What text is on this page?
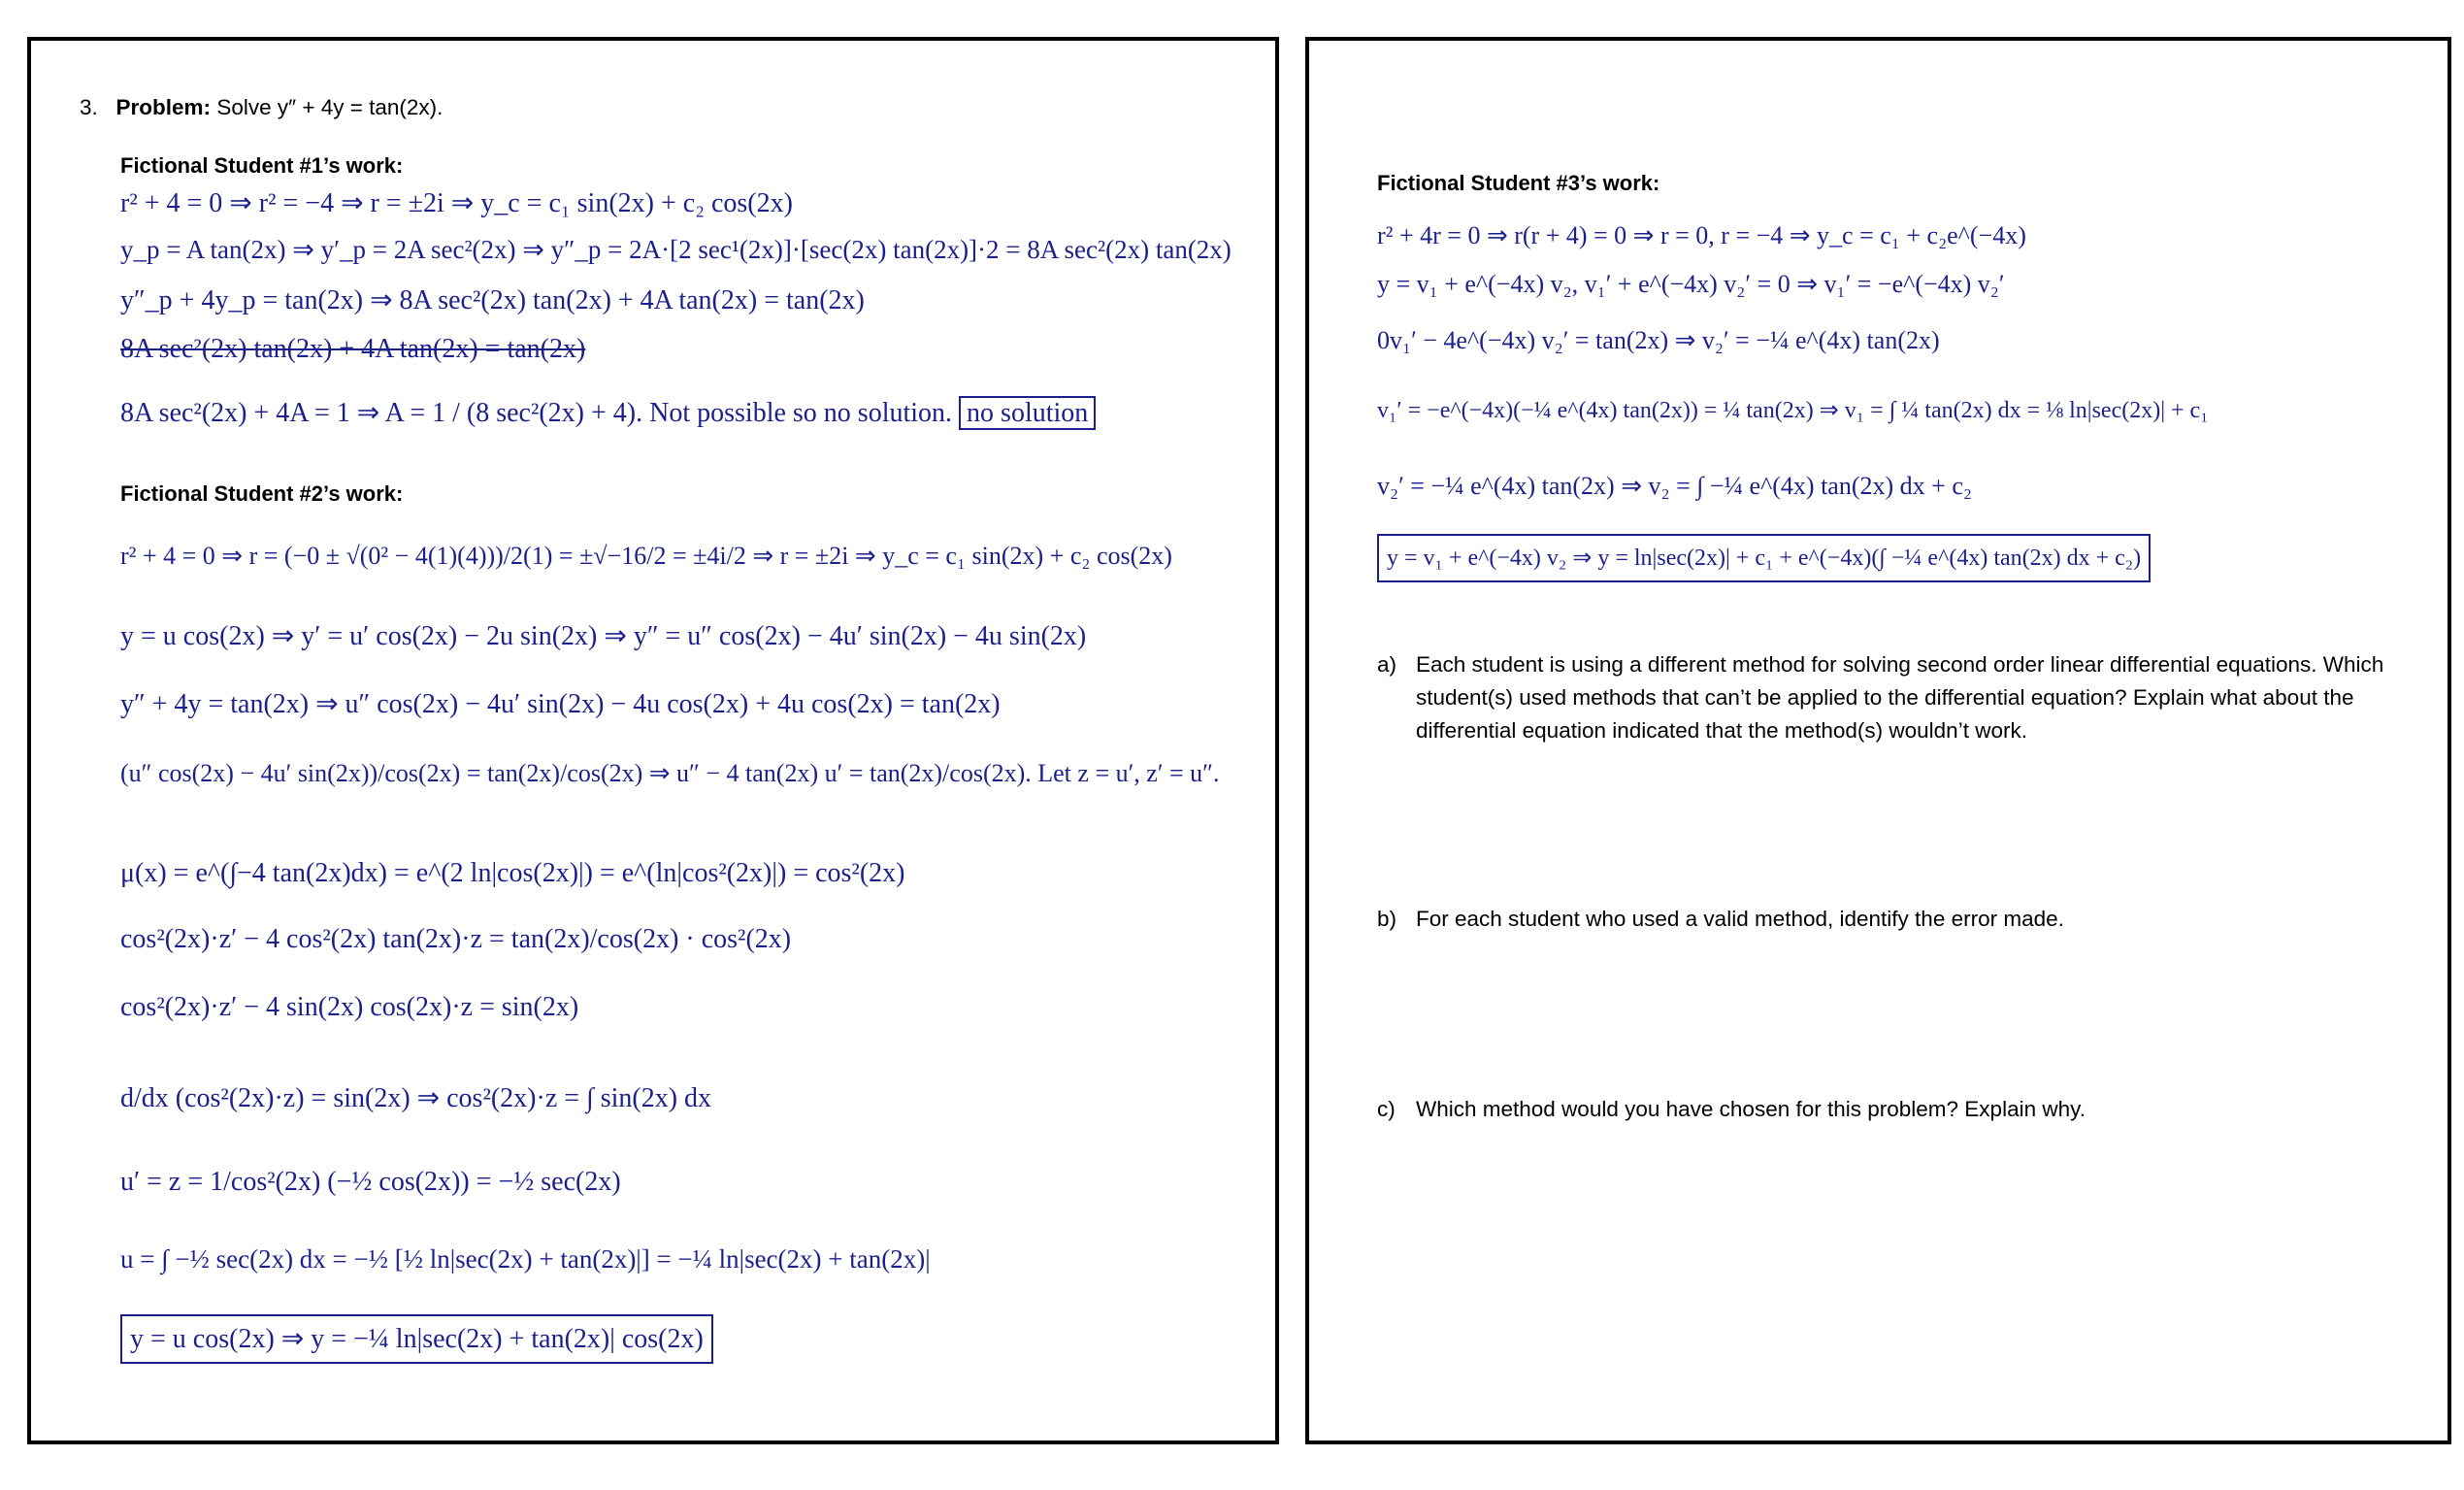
3. Problem: Solve y″ + 4y = tan(2x).
Fictional Student #1’s work:
r² + 4 = 0 ⇒ r² = −4 ⇒ r = ±2i ⇒ y_c = c₁ sin(2x) + c₂ cos(2x)
y_p = A tan(2x) ⇒ y′_p = 2A sec²(2x) ⇒ y″_p = 2A·[2 sec¹(2x)]·[sec(2x) tan(2x)]·2 = 8A sec²(2x) tan(2x)
y″_p + 4y_p = tan(2x) ⇒ 8A sec²(2x) tan(2x) + 4A tan(2x) = tan(2x)
8A sec²(2x) tan(2x) + 4A tan(2x) = tan(2x)
8A sec²(2x) + 4A = 1 ⇒ A = 1 / (8 sec²(2x) + 4). Not possible so no solution. no solution
Fictional Student #2’s work:
r² + 4 = 0 ⇒ r = (−0 ± √(0² − 4(1)(4)))/2(1) = ±√−16/2 = ±4i/2 ⇒ r = ±2i ⇒ y_c = c₁ sin(2x) + c₂ cos(2x)
y = u cos(2x) ⇒ y′ = u′ cos(2x) − 2u sin(2x) ⇒ y″ = u″ cos(2x) − 4u′ sin(2x) − 4u sin(2x)
y″ + 4y = tan(2x) ⇒ u″ cos(2x) − 4u′ sin(2x) − 4u cos(2x) + 4u cos(2x) = tan(2x)
(u″ cos(2x) − 4u′ sin(2x))/cos(2x) = tan(2x)/cos(2x) ⇒ u″ − 4 tan(2x) u′ = tan(2x)/cos(2x). Let z = u′, z′ = u″.
μ(x) = e^(∫−4 tan(2x)dx) = e^(2 ln|cos(2x)|) = e^(ln|cos²(2x)|) = cos²(2x)
cos²(2x)·z′ − 4 cos²(2x) tan(2x)·z = tan(2x)/cos(2x) · cos²(2x)
cos²(2x)·z′ − 4 sin(2x) cos(2x)·z = sin(2x)
d/dx (cos²(2x)·z) = sin(2x) ⇒ cos²(2x)·z = ∫ sin(2x) dx
u′ = z = 1/cos²(2x) (−½ cos(2x)) = −½ sec(2x)
u = ∫ −½ sec(2x) dx = −½ [½ ln|sec(2x) + tan(2x)|] = −¼ ln|sec(2x) + tan(2x)|
y = u cos(2x) ⇒ y = −¼ ln|sec(2x) + tan(2x)| cos(2x)
Fictional Student #3’s work:
r² + 4r = 0 ⇒ r(r + 4) = 0 ⇒ r = 0, r = −4 ⇒ y_c = c₁ + c₂e^(−4x)
y = v₁ + e^(−4x) v₂, v₁′ + e^(−4x) v₂′ = 0 ⇒ v₁′ = −e^(−4x) v₂′
0v₁′ − 4e^(−4x) v₂′ = tan(2x) ⇒ v₂′ = −¼ e^(4x) tan(2x)
v₁′ = −e^(−4x)(−¼ e^(4x) tan(2x)) = ¼ tan(2x) ⇒ v₁ = ∫ ¼ tan(2x) dx = ⅛ ln|sec(2x)| + c₁
v₂′ = −¼ e^(4x) tan(2x) ⇒ v₂ = ∫ −¼ e^(4x) tan(2x) dx + c₂
y = v₁ + e^(−4x) v₂ ⇒ y = ln|sec(2x)| + c₁ + e^(−4x)(∫ −¼ e^(4x) tan(2x) dx + c₂)
a) Each student is using a different method for solving second order linear differential equations. Which student(s) used methods that can’t be applied to the differential equation? Explain what about the differential equation indicated that the method(s) wouldn’t work.
b) For each student who used a valid method, identify the error made.
c) Which method would you have chosen for this problem? Explain why.
